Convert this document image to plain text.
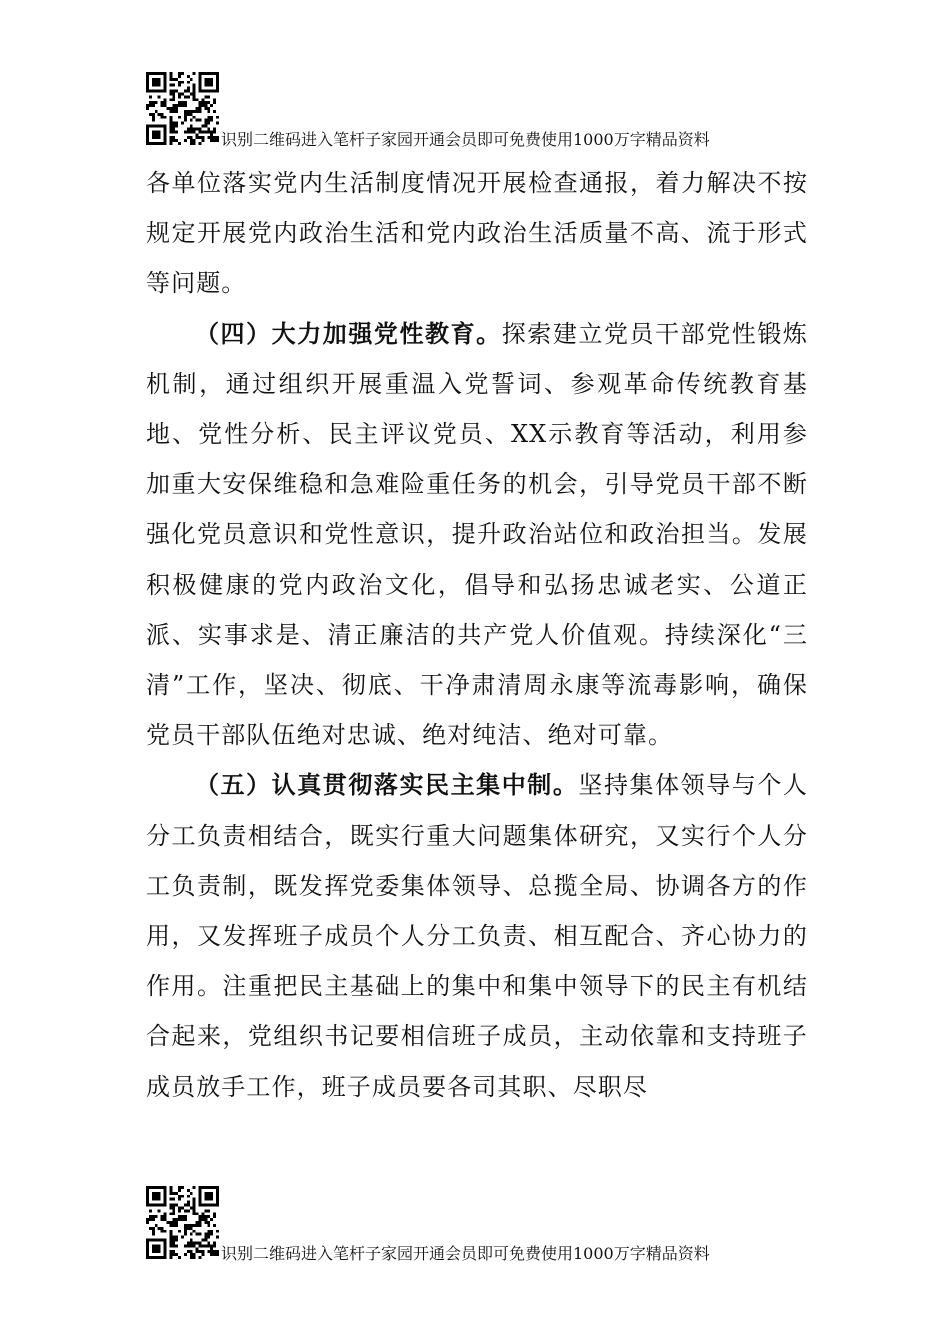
识别二维码进入笔杆子家园开通会员即可免费使用1000万字精品资料

各单位落实党内生活制度情况开展检查通报，着力解决不按规定开展党内政治生活和党内政治生活质量不高、流于形式等问题。

（四）大力加强党性教育。探索建立党员干部党性锻炼机制，通过组织开展重温入党誓词、参观革命传统教育基地、党性分析、民主评议党员、XX示教育等活动，利用参加重大安保维稳和急难险重任务的机会，引导党员干部不断强化党员意识和党性意识，提升政治站位和政治担当。发展积极健康的党内政治文化，倡导和弘扬忠诚老实、公道正派、实事求是、清正廉洁的共产党人价值观。持续深化“三清”工作，坚决、彻底、干净肃清周永康等流毒影响，确保党员干部队伍绝对忠诚、绝对纯洁、绝对可靠。

（五）认真贯彻落实民主集中制。坚持集体领导与个人分工负责相结合，既实行重大问题集体研究，又实行个人分工负责制，既发挥党委集体领导、总揽全局、协调各方的作用，又发挥班子成员个人分工负责、相互配合、齐心协力的作用。注重把民主基础上的集中和集中领导下的民主有机结合起来，党组织书记要相信班子成员，主动依靠和支持班子成员放手工作，班子成员要各司其职、尽职尽

识别二维码进入笔杆子家园开通会员即可免费使用1000万字精品资料
